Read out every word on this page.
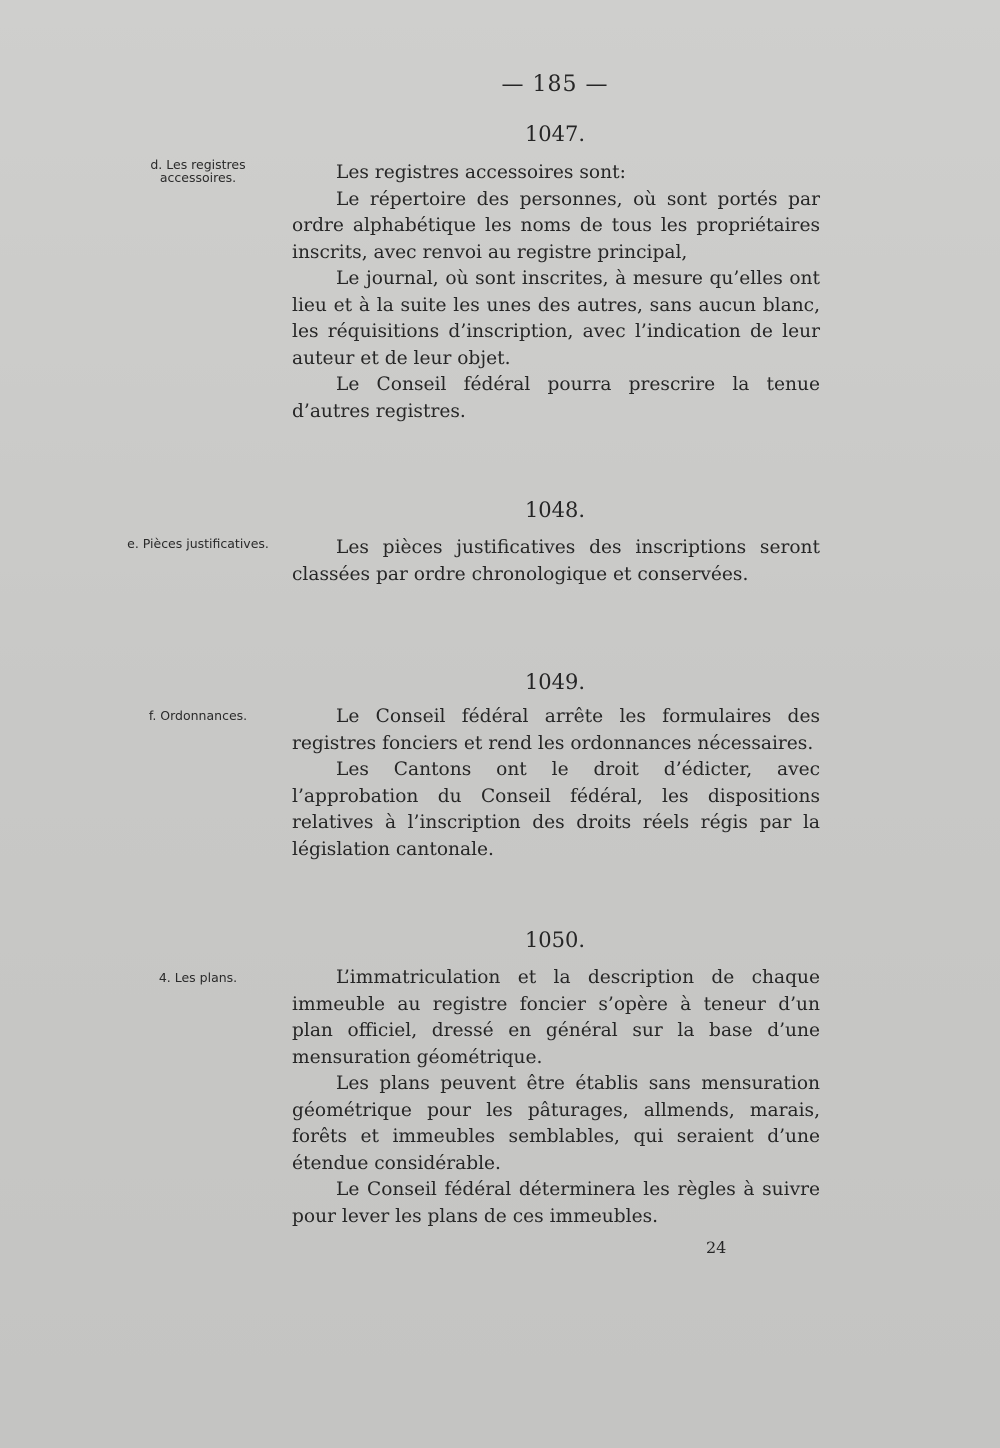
— 185 —
1047.
d. Les registres accessoires.	Les registres accessoires sont:

Le répertoire des personnes, où sont portés par ordre alphabétique les noms de tous les propriétaires inscrits, avec renvoi au registre principal,

Le journal, où sont inscrites, à mesure qu’elles ont lieu et à la suite les unes des autres, sans aucun blanc, les réquisitions d’inscription, avec l’indication de leur auteur et de leur objet.

Le Conseil fédéral pourra prescrire la tenue d’autres registres.

1048.
e. Pièces justificatives.	Les pièces justificatives des inscriptions seront classées par ordre chronologique et conservées.

1049.
f. Ordonnances.	Le Conseil fédéral arrête les formulaires des registres fonciers et rend les ordonnances nécessaires.

Les Cantons ont le droit d’édicter, avec l’approbation du Conseil fédéral, les dispositions relatives à l’inscription des droits réels régis par la législation cantonale.

1050.
4. Les plans.	L’immatriculation et la description de chaque immeuble au registre foncier s’opère à teneur d’un plan officiel, dressé en général sur la base d’une mensuration géométrique.

Les plans peuvent être établis sans mensuration géométrique pour les pâturages, allmends, marais, forêts et immeubles semblables, qui seraient d’une étendue considérable.

Le Conseil fédéral déterminera les règles à suivre pour lever les plans de ces immeubles.

24
